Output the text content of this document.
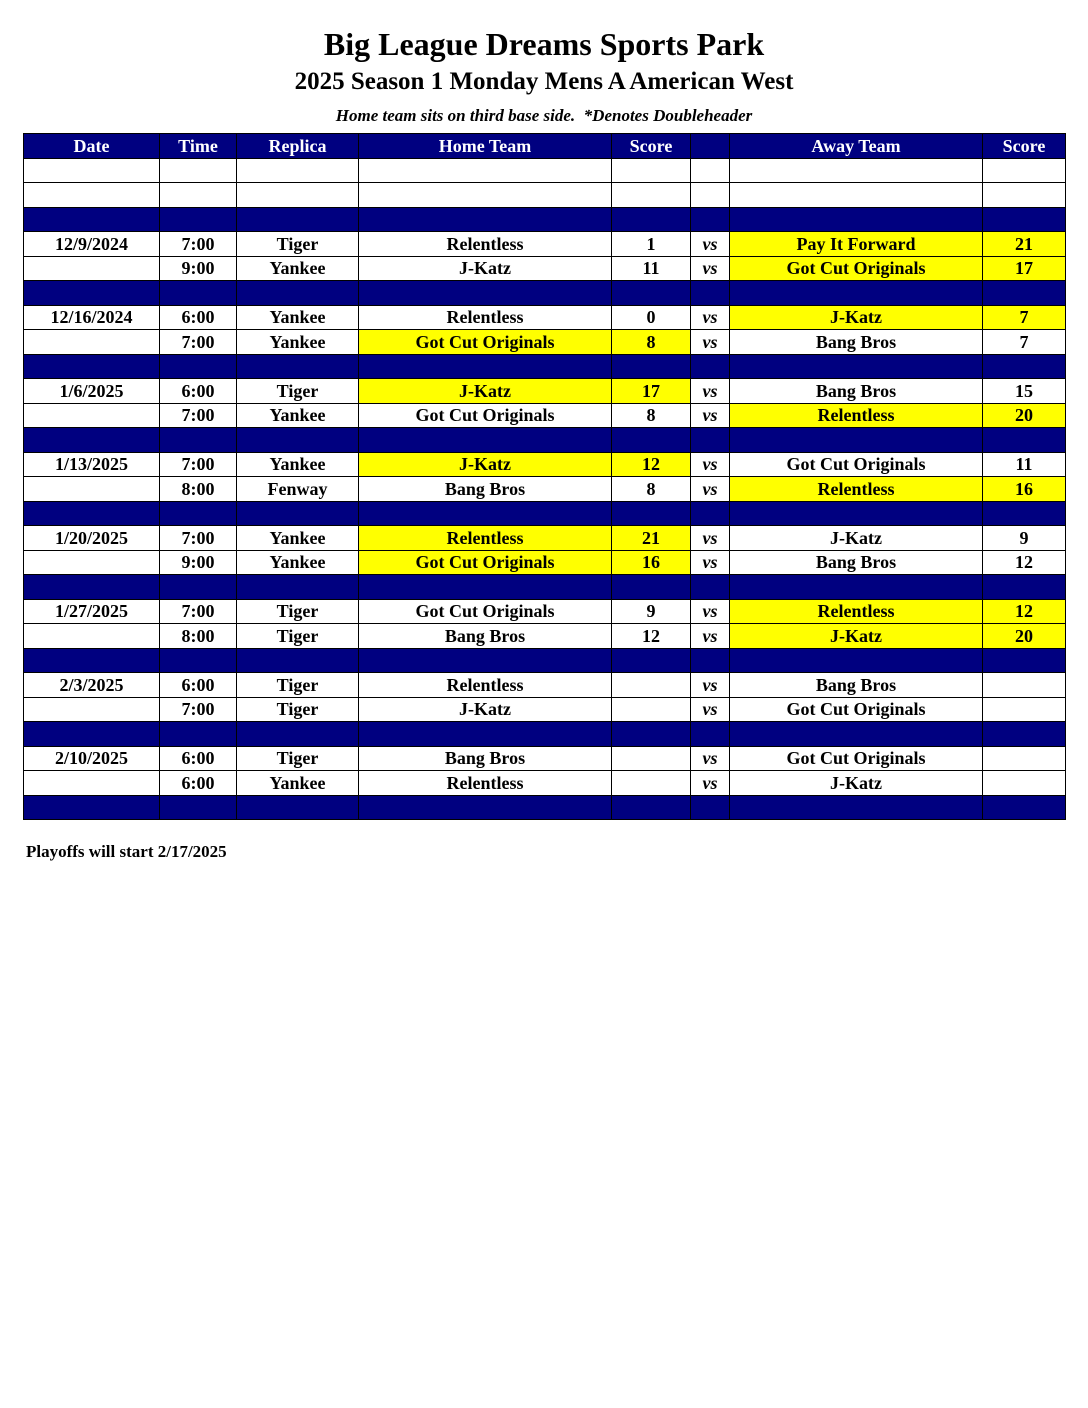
Big League Dreams Sports Park
2025 Season 1 Monday Mens A American West
Home team sits on third base side.  *Denotes Doubleheader
Date	Time	Replica	Home Team	Score		Away Team	Score

12/9/2024	7:00	Tiger	Relentless	1	vs	Pay It Forward	21
	9:00	Yankee	J-Katz	11	vs	Got Cut Originals	17

12/16/2024	6:00	Yankee	Relentless	0	vs	J-Katz	7
	7:00	Yankee	Got Cut Originals	8	vs	Bang Bros	7

1/6/2025	6:00	Tiger	J-Katz	17	vs	Bang Bros	15
	7:00	Yankee	Got Cut Originals	8	vs	Relentless	20

1/13/2025	7:00	Yankee	J-Katz	12	vs	Got Cut Originals	11
	8:00	Fenway	Bang Bros	8	vs	Relentless	16

1/20/2025	7:00	Yankee	Relentless	21	vs	J-Katz	9
	9:00	Yankee	Got Cut Originals	16	vs	Bang Bros	12

1/27/2025	7:00	Tiger	Got Cut Originals	9	vs	Relentless	12
	8:00	Tiger	Bang Bros	12	vs	J-Katz	20

2/3/2025	6:00	Tiger	Relentless		vs	Bang Bros	
	7:00	Tiger	J-Katz		vs	Got Cut Originals	

2/10/2025	6:00	Tiger	Bang Bros		vs	Got Cut Originals	
	6:00	Yankee	Relentless		vs	J-Katz	

Playoffs will start 2/17/2025
